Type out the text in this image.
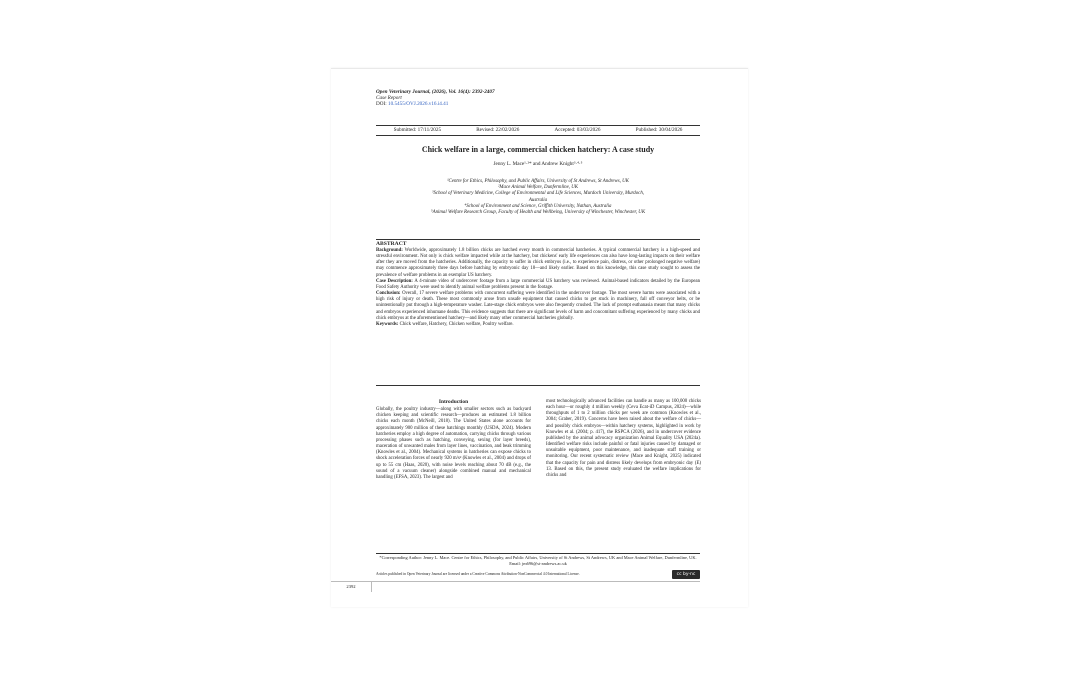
Open Veterinary Journal, (2026), Vol. 16(4): 2392-2407
Case Report
DOI: 10.5455/OVJ.2026.v16.i4.41
Submitted: 17/11/2025	Revised: 22/02/2026	Accepted: 03/03/2026	Published: 30/04/2026
Chick welfare in a large, commercial chicken hatchery: A case study
Jenny L. Mace¹·²* and Andrew Knight³·⁴·⁵
¹Centre for Ethics, Philosophy, and Public Affairs, University of St Andrews, St Andrews, UK
²Mace Animal Welfare, Dunfermline, UK
³School of Veterinary Medicine, College of Environmental and Life Sciences, Murdoch University, Murdoch,
Australia
⁴School of Environment and Science, Griffith University, Nathan, Australia
⁵Animal Welfare Research Group, Faculty of Health and Wellbeing, University of Winchester, Winchester, UK
ABSTRACT
Background: Worldwide, approximately 1.8 billion chicks are hatched every month in commercial hatcheries. A typical commercial hatchery is a high-speed and stressful environment. Not only is chick welfare impacted while at the hatchery, but chickens' early life experiences can also have long-lasting impacts on their welfare after they are moved from the hatcheries. Additionally, the capacity to suffer in chick embryos (i.e., to experience pain, distress, or other prolonged negative welfare) may commence approximately three days before hatching by embryonic day 18—and likely earlier. Based on this knowledge, this case study sought to assess the prevalence of welfare problems in an exemplar US hatchery.
Case Description: A 4-minute video of undercover footage from a large commercial US hatchery was reviewed. Animal-based indicators detailed by the European Food Safety Authority were used to identify animal welfare problems present in the footage.
Conclusion: Overall, 17 severe welfare problems with concurrent suffering were identified in the undercover footage. The most severe harms were associated with a high risk of injury or death. These most commonly arose from unsafe equipment that caused chicks to get stuck in machinery, fall off conveyor belts, or be unintentionally put through a high-temperature washer. Late-stage chick embryos were also frequently crushed. The lack of prompt euthanasia meant that many chicks and embryos experienced inhumane deaths. This evidence suggests that there are significant levels of harm and concomitant suffering experienced by many chicks and chick embryos at the aforementioned hatchery—and likely many other commercial hatcheries globally.
Keywords: Chick welfare, Hatchery, Chicken welfare, Poultry welfare.
Introduction
Globally, the poultry industry—along with smaller sectors such as backyard chicken keeping and scientific research—produces an estimated 1.8 billion chicks each month (McNeill, 2018). The United States alone accounts for approximately 900 million of these hatchings monthly (USDA, 2024). Modern hatcheries employ a high degree of automation, carrying chicks through various processing phases such as hatching, conveying, sexing (for layer breeds), maceration of unwanted males from layer lines, vaccination, and beak trimming (Knowles et al., 2004). Mechanical systems in hatcheries can expose chicks to shock acceleration forces of nearly 920 m/s² (Knowles et al., 2004) and drops of up to 55 cm (Haas, 2020), with noise levels reaching about 70 dB (e.g., the sound of a vacuum cleaner) alongside combined manual and mechanical handling (EFSA, 2023). The largest and
most technologically advanced facilities can handle as many as 100,000 chicks each hour—or roughly 4 million weekly (Ceva Ecat-iD Campus, 2024)—while throughputs of 1 to 2 million chicks per week are common (Knowles et al., 2004; Graber, 2019). Concerns have been raised about the welfare of chicks—and possibly chick embryos—within hatchery systems, highlighted in work by Knowles et al. (2004; p. 417), the RSPCA (2026), and in undercover evidence published by the animal advocacy organization Animal Equality USA (2024a). Identified welfare risks include painful or fatal injuries caused by damaged or unsuitable equipment, poor maintenance, and inadequate staff training or monitoring. Our recent systematic review (Mace and Knight, 2025) indicated that the capacity for pain and distress likely develops from embryonic day (E) 13. Based on this, the present study evaluated the welfare implications for chicks and
*Corresponding Author: Jenny L. Mace. Centre for Ethics, Philosophy, and Public Affairs, University of St Andrews, St Andrews, UK and Mace Animal Welfare, Dunfermline, UK. Email: jm696@st-andrews.ac.uk
Articles published in Open Veterinary Journal are licensed under a Creative Commons Attribution-NonCommercial 4.0 International License.	cc by-nc
2392
